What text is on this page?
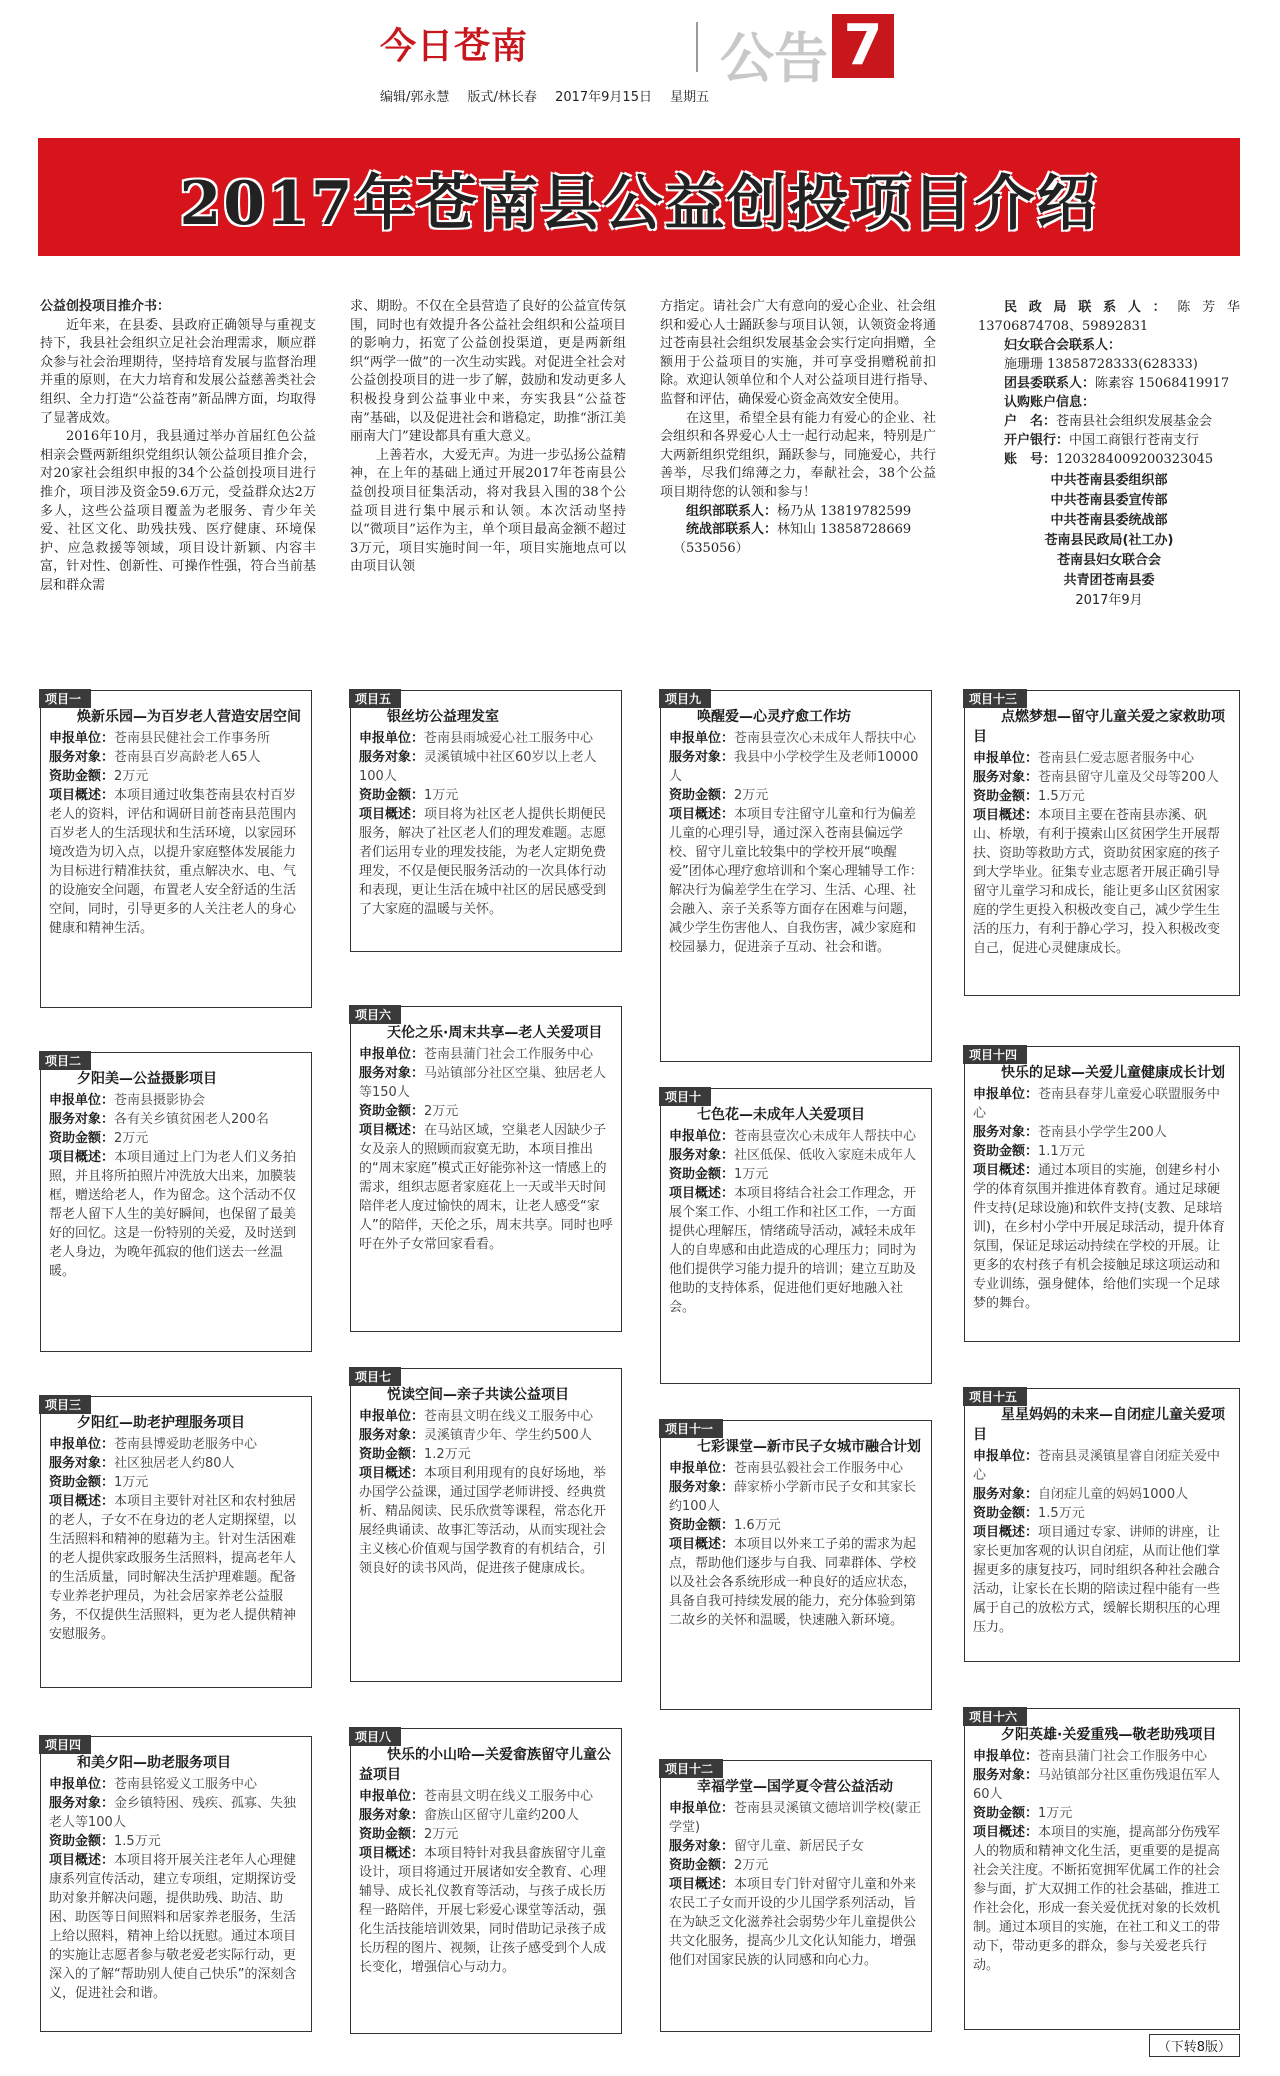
今日苍南	公告 7
编辑/郭永慧 版式/林长春 2017年9月15日 星期五
2017年苍南县公益创投项目介绍

公益创投项目推介书：

近年来，在县委、县政府正确领导与重视支持下，我县社会组织立足社会治理需求，顺应群众参与社会治理期待，坚持培育发展与监督治理并重的原则，在大力培育和发展公益慈善类社会组织、全力打造“公益苍南”新品牌方面，均取得了显著成效。

2016年10月，我县通过举办首届红色公益相亲会暨两新组织党组织认领公益项目推介会，对20家社会组织申报的34个公益创投项目进行推介，项目涉及资金59.6万元，受益群众达2万多人，这些公益项目覆盖为老服务、青少年关爱、社区文化、助残扶残、医疗健康、环境保护、应急救援等领域，项目设计新颖、内容丰富，针对性、创新性、可操作性强，符合当前基层和群众需

求、期盼。不仅在全县营造了良好的公益宣传氛围，同时也有效提升各公益社会组织和公益项目的影响力，拓宽了公益创投渠道，更是两新组织“两学一做”的一次生动实践。对促进全社会对公益创投项目的进一步了解，鼓励和发动更多人积极投身到公益事业中来，夯实我县“公益苍南”基础，以及促进社会和谐稳定，助推“浙江美丽南大门”建设都具有重大意义。

上善若水，大爱无声。为进一步弘扬公益精神，在上年的基础上通过开展2017年苍南县公益创投项目征集活动，将对我县入围的38个公益项目进行集中展示和认领。本次活动坚持以“微项目”运作为主，单个项目最高金额不超过3万元，项目实施时间一年，项目实施地点可以由项目认领

方指定。请社会广大有意向的爱心企业、社会组织和爱心人士踊跃参与项目认领，认领资金将通过苍南县社会组织发展基金会实行定向捐赠，全额用于公益项目的实施，并可享受捐赠税前扣除。欢迎认领单位和个人对公益项目进行指导、监督和评估，确保爱心资金高效安全使用。

在这里，希望全县有能力有爱心的企业、社会组织和各界爱心人士一起行动起来，特别是广大两新组织党组织，踊跃参与，同施爱心，共行善举，尽我们绵薄之力，奉献社会，38个公益项目期待您的认领和参与！

组织部联系人：杨乃从 13819782599

统战部联系人：林知山 13858728669

（535056）

民政局联系人：陈芳华 13706874708、59892831

妇女联合会联系人：

施珊珊 13858728333(628333)

团县委联系人：陈素容 15068419917

认购账户信息：

户　名：苍南县社会组织发展基金会

开户银行：中国工商银行苍南支行

账　号：1203284009200323045

中共苍南县委组织部
中共苍南县委宣传部
中共苍南县委统战部
苍南县民政局(社工办)
苍南县妇女联合会
共青团苍南县委
2017年9月
项目一

焕新乐园—为百岁老人营造安居空间

申报单位：苍南县民健社会工作事务所

服务对象：苍南县百岁高龄老人65人

资助金额：2万元

项目概述：本项目通过收集苍南县农村百岁老人的资料，评估和调研目前苍南县范围内百岁老人的生活现状和生活环境，以家园环境改造为切入点，以提升家庭整体发展能力为目标进行精准扶贫，重点解决水、电、气的设施安全问题，布置老人安全舒适的生活空间，同时，引导更多的人关注老人的身心健康和精神生活。

项目二

夕阳美—公益摄影项目

申报单位：苍南县摄影协会

服务对象：各有关乡镇贫困老人200名

资助金额：2万元

项目概述：本项目通过上门为老人们义务拍照，并且将所拍照片冲洗放大出来，加膜装框，赠送给老人，作为留念。这个活动不仅帮老人留下人生的美好瞬间，也保留了最美好的回忆。这是一份特别的关爱，及时送到老人身边，为晚年孤寂的他们送去一丝温暖。

项目三

夕阳红—助老护理服务项目

申报单位：苍南县博爱助老服务中心

服务对象：社区独居老人约80人

资助金额：1万元

项目概述：本项目主要针对社区和农村独居的老人，子女不在身边的老人定期探望，以生活照料和精神的慰藉为主。针对生活困难的老人提供家政服务生活照料，提高老年人的生活质量，同时解决生活护理难题。配备专业养老护理员，为社会居家养老公益服务，不仅提供生活照料，更为老人提供精神安慰服务。

项目四

和美夕阳—助老服务项目

申报单位：苍南县铭爱义工服务中心

服务对象：金乡镇特困、残疾、孤寡、失独老人等100人

资助金额：1.5万元

项目概述：本项目将开展关注老年人心理健康系列宣传活动，建立专项组，定期探访受助对象并解决问题，提供助残、助洁、助困、助医等日间照料和居家养老服务，生活上给以照料，精神上给以抚慰。通过本项目的实施让志愿者参与敬老爱老实际行动，更深入的了解“帮助别人使自己快乐”的深刻含义，促进社会和谐。

项目五

银丝坊公益理发室

申报单位：苍南县雨城爱心社工服务中心

服务对象：灵溪镇城中社区60岁以上老人100人

资助金额：1万元

项目概述：项目将为社区老人提供长期便民服务，解决了社区老人们的理发难题。志愿者们运用专业的理发技能，为老人定期免费理发，不仅是便民服务活动的一次具体行动和表现，更让生活在城中社区的居民感受到了大家庭的温暖与关怀。

项目六

天伦之乐·周末共享—老人关爱项目

申报单位：苍南县蒲门社会工作服务中心

服务对象：马站镇部分社区空巢、独居老人等150人

资助金额：2万元

项目概述：在马站区域，空巢老人因缺少子女及亲人的照顾而寂寞无助，本项目推出的“周末家庭”模式正好能弥补这一情感上的需求，组织志愿者家庭花上一天或半天时间陪伴老人度过愉快的周末，让老人感受“家人”的陪伴，天伦之乐，周末共享。同时也呼吁在外子女常回家看看。

项目七

悦读空间—亲子共读公益项目

申报单位：苍南县文明在线义工服务中心

服务对象：灵溪镇青少年、学生约500人

资助金额：1.2万元

项目概述：本项目利用现有的良好场地，举办国学公益课，通过国学老师讲授、经典赏析、精品阅读、民乐欣赏等课程，常态化开展经典诵读、故事汇等活动，从而实现社会主义核心价值观与国学教育的有机结合，引领良好的读书风尚，促进孩子健康成长。

项目八

快乐的小山哈—关爱畲族留守儿童公益项目

申报单位：苍南县文明在线义工服务中心

服务对象：畲族山区留守儿童约200人

资助金额：2万元

项目概述：本项目特针对我县畲族留守儿童设计，项目将通过开展诸如安全教育、心理辅导、成长礼仪教育等活动，与孩子成长历程一路陪伴，开展七彩爱心课堂等活动，强化生活技能培训效果，同时借助记录孩子成长历程的图片、视频，让孩子感受到个人成长变化，增强信心与动力。

项目九

唤醒爱—心灵疗愈工作坊

申报单位：苍南县壹次心未成年人帮扶中心

服务对象：我县中小学校学生及老师10000人

资助金额：2万元

项目概述：本项目专注留守儿童和行为偏差儿童的心理引导，通过深入苍南县偏远学校、留守儿童比较集中的学校开展“唤醒爱”团体心理疗愈培训和个案心理辅导工作：解决行为偏差学生在学习、生活、心理、社会融入、亲子关系等方面存在困难与问题，减少学生伤害他人、自我伤害，减少家庭和校园暴力，促进亲子互动、社会和谐。

项目十

七色花—未成年人关爱项目

申报单位：苍南县壹次心未成年人帮扶中心

服务对象：社区低保、低收入家庭未成年人

资助金额：1万元

项目概述：本项目将结合社会工作理念，开展个案工作、小组工作和社区工作，一方面提供心理解压，情绪疏导活动，减轻未成年人的自卑感和由此造成的心理压力；同时为他们提供学习能力提升的培训；建立互助及他助的支持体系，促进他们更好地融入社会。

项目十一

七彩课堂—新市民子女城市融合计划

申报单位：苍南县弘毅社会工作服务中心

服务对象：薛家桥小学新市民子女和其家长约100人

资助金额：1.6万元

项目概述：本项目以外来工子弟的需求为起点，帮助他们逐步与自我、同辈群体、学校以及社会各系统形成一种良好的适应状态，具备自我可持续发展的能力，充分体验到第二故乡的关怀和温暖，快速融入新环境。

项目十二

幸福学堂—国学夏令营公益活动

申报单位：苍南县灵溪镇文德培训学校(蒙正学堂)

服务对象：留守儿童、新居民子女

资助金额：2万元

项目概述：本项目专门针对留守儿童和外来农民工子女而开设的少儿国学系列活动，旨在为缺乏文化滋养社会弱势少年儿童提供公共文化服务，提高少儿文化认知能力，增强他们对国家民族的认同感和向心力。

项目十三

点燃梦想—留守儿童关爱之家救助项目

申报单位：苍南县仁爱志愿者服务中心

服务对象：苍南县留守儿童及父母等200人

资助金额：1.5万元

项目概述：本项目主要在苍南县赤溪、矾山、桥墩，有利于摸索山区贫困学生开展帮扶、资助等救助方式，资助贫困家庭的孩子到大学毕业。征集专业志愿者开展正确引导留守儿童学习和成长，能让更多山区贫困家庭的学生更投入积极改变自己，减少学生生活的压力，有利于静心学习，投入积极改变自己，促进心灵健康成长。

项目十四

快乐的足球—关爱儿童健康成长计划

申报单位：苍南县春芽儿童爱心联盟服务中心

服务对象：苍南县小学学生200人

资助金额：1.1万元

项目概述：通过本项目的实施，创建乡村小学的体育氛围并推进体育教育。通过足球硬件支持(足球设施)和软件支持(支教、足球培训)，在乡村小学中开展足球活动，提升体育氛围，保证足球运动持续在学校的开展。让更多的农村孩子有机会接触足球这项运动和专业训练，强身健体，给他们实现一个足球梦的舞台。

项目十五

星星妈妈的未来—自闭症儿童关爱项目

申报单位：苍南县灵溪镇星睿自闭症关爱中心

服务对象：自闭症儿童的妈妈1000人

资助金额：1.5万元

项目概述：项目通过专家、讲师的讲座，让家长更加客观的认识自闭症，从而让他们掌握更多的康复技巧，同时组织各种社会融合活动，让家长在长期的陪读过程中能有一些属于自己的放松方式，缓解长期积压的心理压力。

项目十六

夕阳英雄·关爱重残—敬老助残项目

申报单位：苍南县蒲门社会工作服务中心

服务对象：马站镇部分社区重伤残退伍军人60人

资助金额：1万元

项目概述：本项目的实施，提高部分伤残军人的物质和精神文化生活，更重要的是提高社会关注度。不断拓宽拥军优属工作的社会参与面，扩大双拥工作的社会基础，推进工作社会化，形成一套关爱优抚对象的长效机制。通过本项目的实施，在社工和义工的带动下，带动更多的群众，参与关爱老兵行动。

（下转8版）
